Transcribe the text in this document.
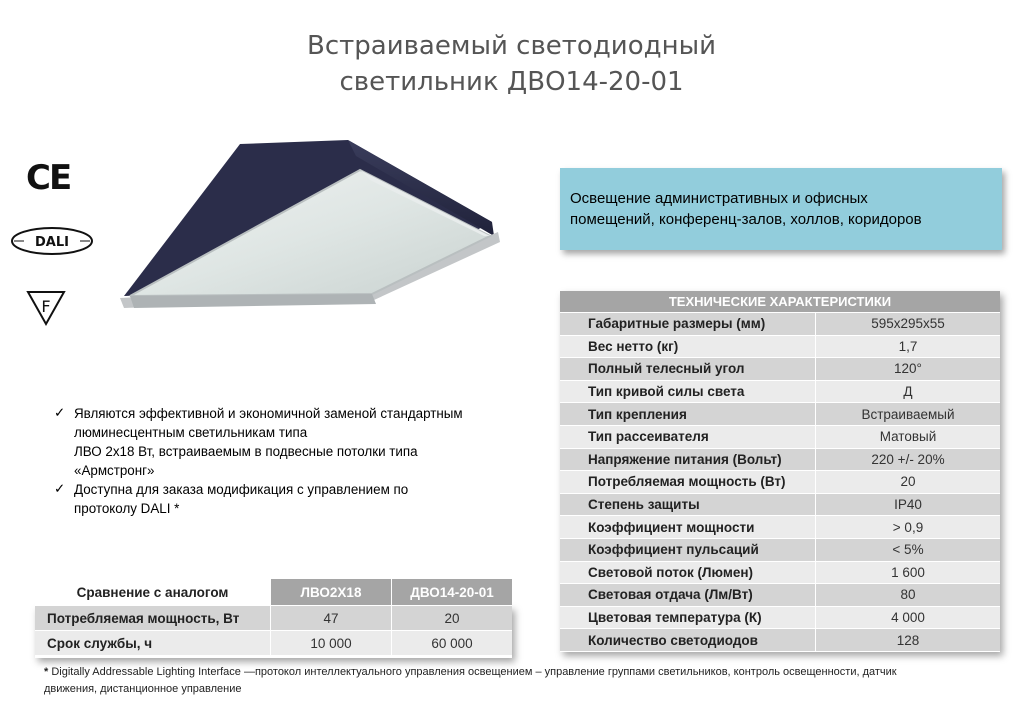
Встраиваемый светодиодный
светильник ДВО14-20-01
CE
DALI
F
Освещение административных и офисных
помещений, конференц-залов, холлов, коридоров
✓ Являются эффективной и экономичной заменой стандартным
люминесцентным светильникам типа
ЛВО 2х18 Вт, встраиваемым в подвесные потолки типа
«Армстронг»
✓ Доступна для заказа модификация с управлением по
протоколу DALI *
ТЕХНИЧЕСКИЕ ХАРАКТЕРИСТИКИ	
Габаритные размеры (мм)	595х295х55
Вес нетто (кг)	1,7
Полный телесный угол	120°
Тип кривой силы света	Д
Тип крепления	Встраиваемый
Тип рассеивателя	Матовый
Напряжение питания (Вольт)	220 +/- 20%
Потребляемая мощность (Вт)	20
Степень защиты	IP40
Коэффициент мощности	> 0,9
Коэффициент пульсаций	< 5%
Световой поток (Люмен)	1 600
Световая отдача (Лм/Вт)	80
Цветовая температура (К)	4 000
Количество светодиодов	128
Сравнение с аналогом	ЛВО2Х18	ДВО14-20-01
Потребляемая мощность, Вт	47	20
Срок службы, ч	10 000	60 000
* Digitally Addressable Lighting Interface —протокол интеллектуального управления освещением – управление группами светильников, контроль освещенности, датчик
движения, дистанционное управление
